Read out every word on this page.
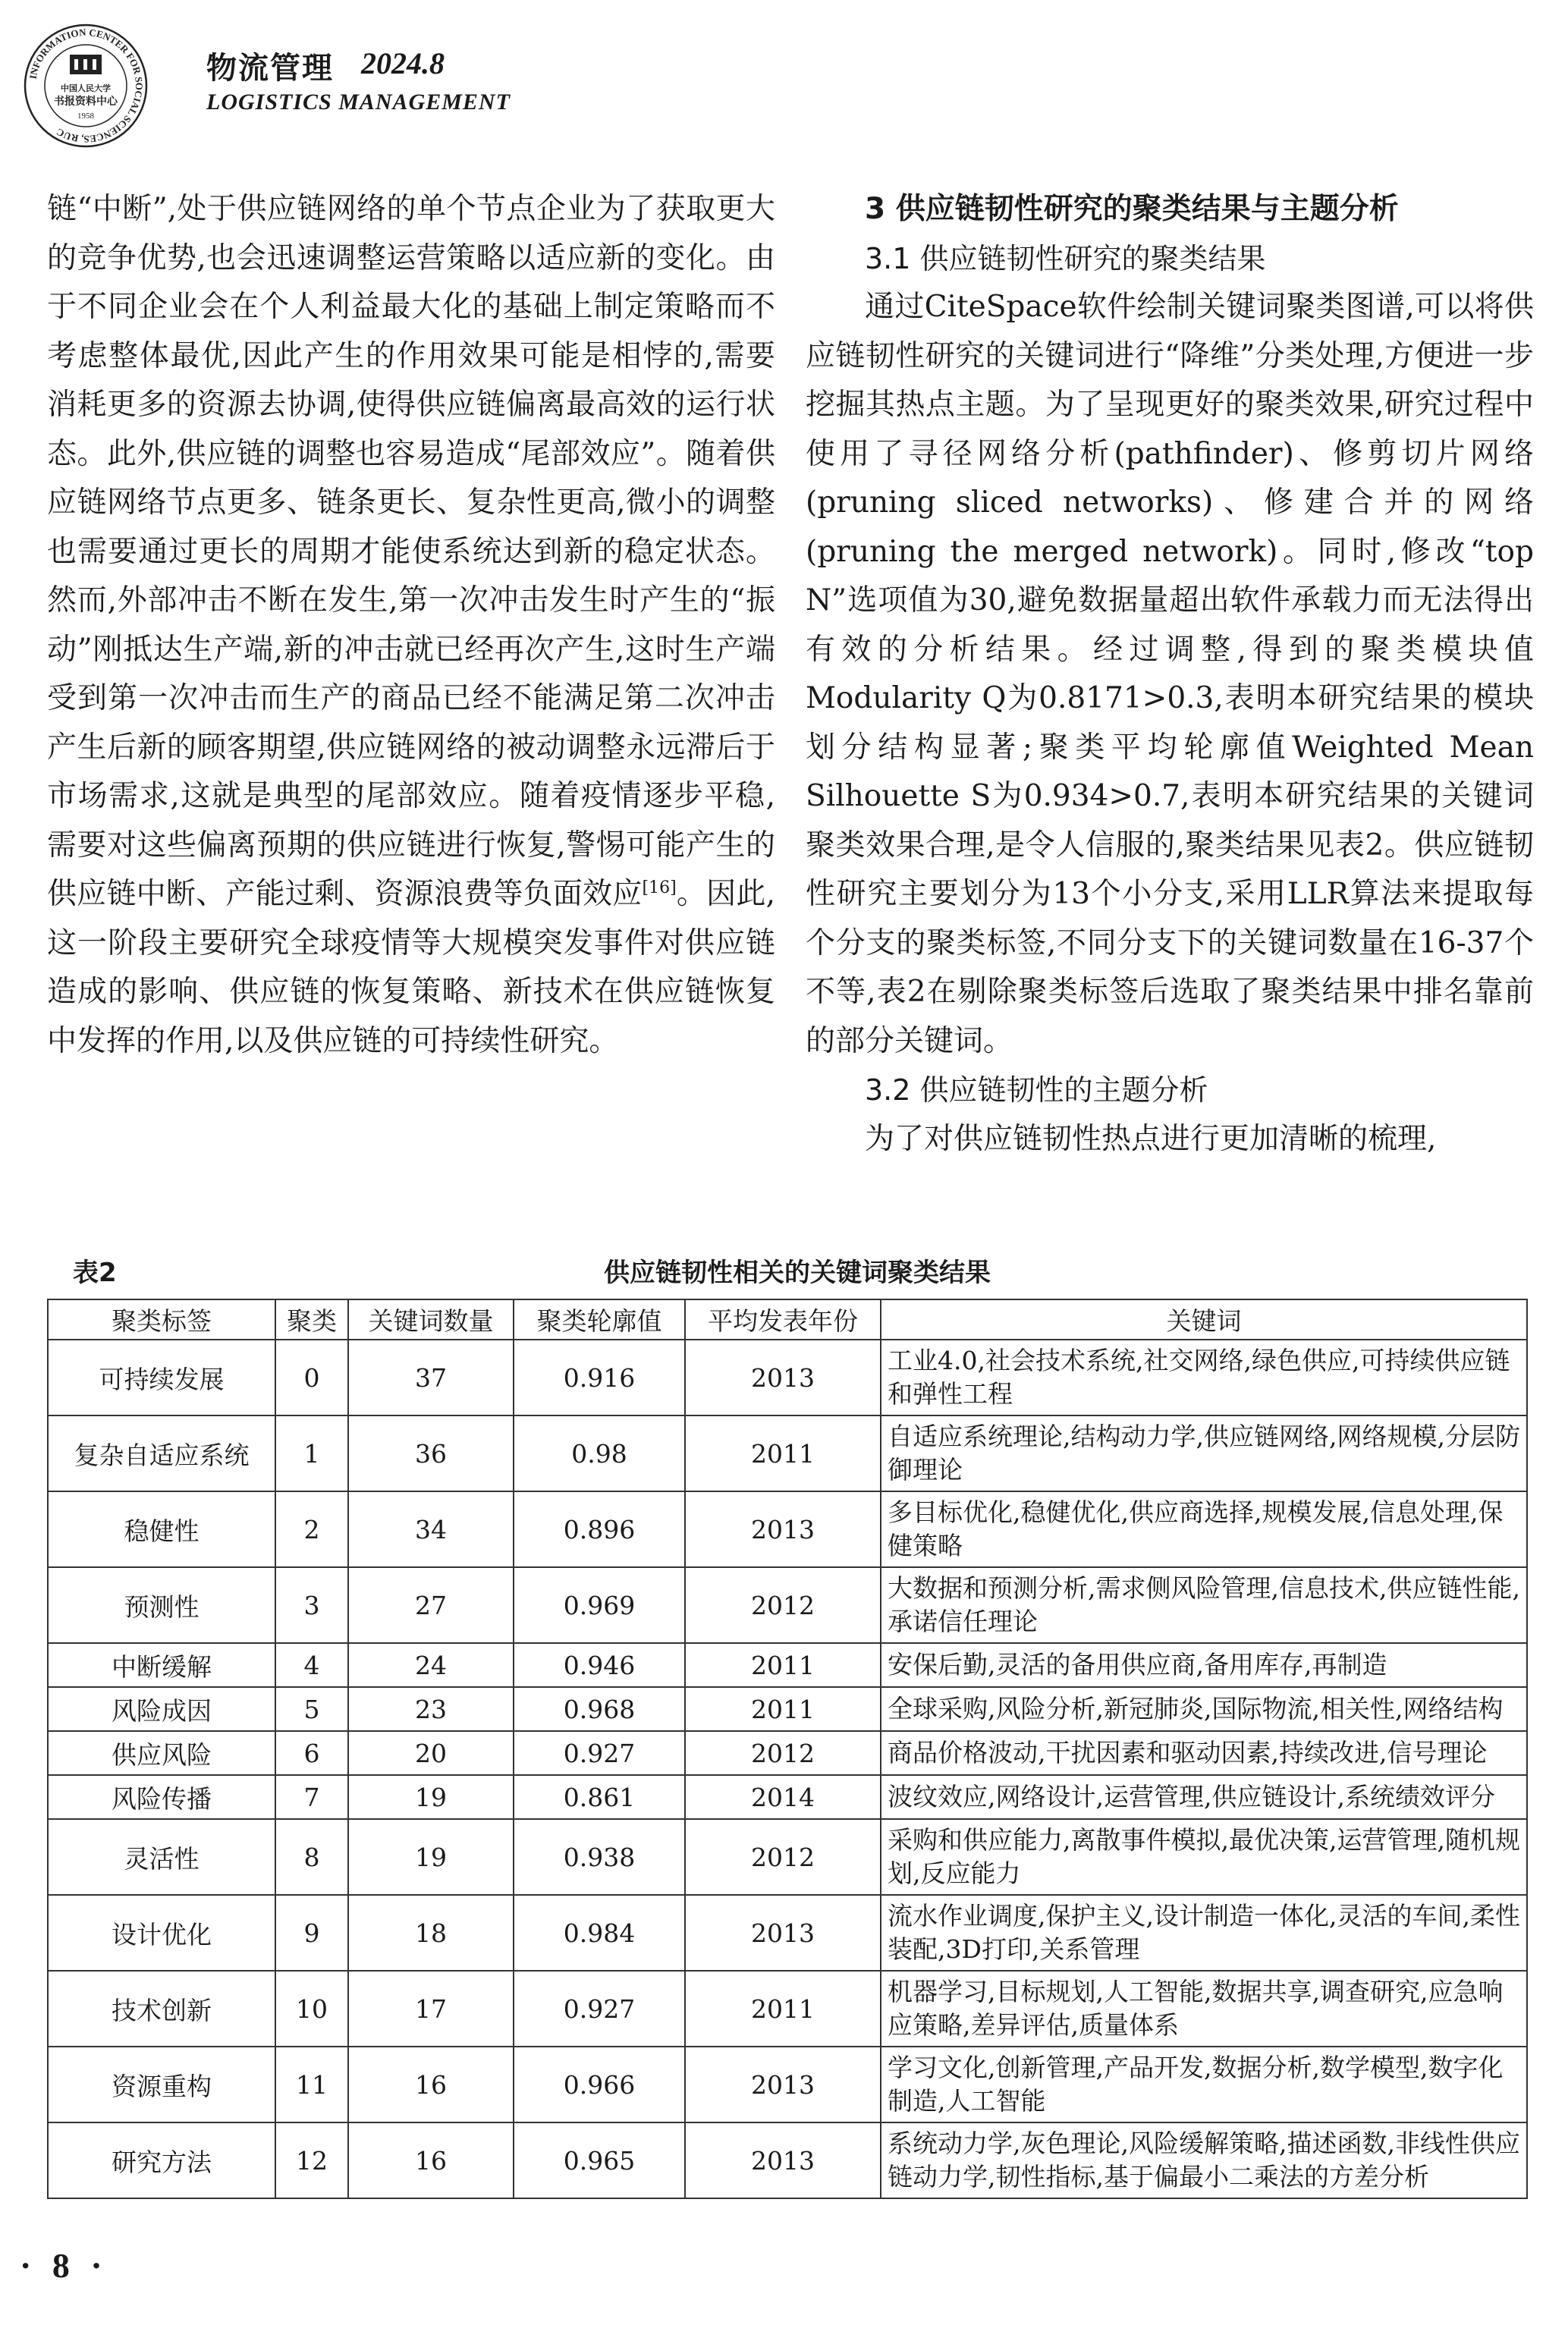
INFORMATION CENTER FOR SOCIAL SCIENCES, RUC
中国人民大学
书报资料中心
1958
物流管理 2024.8
LOGISTICS MANAGEMENT

链“中断”,处于供应链网络的单个节点企业为了获取更大的竞争优势,也会迅速调整运营策略以适应新的变化。由于不同企业会在个人利益最大化的基础上制定策略而不考虑整体最优,因此产生的作用效果可能是相悖的,需要消耗更多的资源去协调,使得供应链偏离最高效的运行状态。此外,供应链的调整也容易造成“尾部效应”。随着供应链网络节点更多、链条更长、复杂性更高,微小的调整也需要通过更长的周期才能使系统达到新的稳定状态。然而,外部冲击不断在发生,第一次冲击发生时产生的“振动”刚抵达生产端,新的冲击就已经再次产生,这时生产端受到第一次冲击而生产的商品已经不能满足第二次冲击产生后新的顾客期望,供应链网络的被动调整永远滞后于市场需求,这就是典型的尾部效应。随着疫情逐步平稳,需要对这些偏离预期的供应链进行恢复,警惕可能产生的供应链中断、产能过剩、资源浪费等负面效应[16]。因此,这一阶段主要研究全球疫情等大规模突发事件对供应链造成的影响、供应链的恢复策略、新技术在供应链恢复中发挥的作用,以及供应链的可持续性研究。

3 供应链韧性研究的聚类结果与主题分析

3.1 供应链韧性研究的聚类结果

通过CiteSpace软件绘制关键词聚类图谱,可以将供应链韧性研究的关键词进行“降维”分类处理,方便进一步挖掘其热点主题。为了呈现更好的聚类效果,研究过程中使用了寻径网络分析(pathfinder)、修剪切片网络(pruning sliced networks)、修建合并的网络(pruning the merged network)。同时,修改“top N”选项值为30,避免数据量超出软件承载力而无法得出有效的分析结果。经过调整,得到的聚类模块值Modularity Q为0.8171>0.3,表明本研究结果的模块划分结构显著;聚类平均轮廓值Weighted Mean Silhouette S为0.934>0.7,表明本研究结果的关键词聚类效果合理,是令人信服的,聚类结果见表2。供应链韧性研究主要划分为13个小分支,采用LLR算法来提取每个分支的聚类标签,不同分支下的关键词数量在16-37个不等,表2在剔除聚类标签后选取了聚类结果中排名靠前的部分关键词。

3.2 供应链韧性的主题分析

为了对供应链韧性热点进行更加清晰的梳理,

供应链韧性相关的关键词聚类结果
表2
聚类标签	聚类	关键词数量	聚类轮廓值	平均发表年份	关键词
可持续发展	0	37	0.916	2013	工业4.0,社会技术系统,社交网络,绿色供应,可持续供应链和弹性工程
复杂自适应系统	1	36	0.98	2011	自适应系统理论,结构动力学,供应链网络,网络规模,分层防御理论
稳健性	2	34	0.896	2013	多目标优化,稳健优化,供应商选择,规模发展,信息处理,保健策略
预测性	3	27	0.969	2012	大数据和预测分析,需求侧风险管理,信息技术,供应链性能,承诺信任理论
中断缓解	4	24	0.946	2011	安保后勤,灵活的备用供应商,备用库存,再制造
风险成因	5	23	0.968	2011	全球采购,风险分析,新冠肺炎,国际物流,相关性,网络结构
供应风险	6	20	0.927	2012	商品价格波动,干扰因素和驱动因素,持续改进,信号理论
风险传播	7	19	0.861	2014	波纹效应,网络设计,运营管理,供应链设计,系统绩效评分
灵活性	8	19	0.938	2012	采购和供应能力,离散事件模拟,最优决策,运营管理,随机规划,反应能力
设计优化	9	18	0.984	2013	流水作业调度,保护主义,设计制造一体化,灵活的车间,柔性装配,3D打印,关系管理
技术创新	10	17	0.927	2011	机器学习,目标规划,人工智能,数据共享,调查研究,应急响应策略,差异评估,质量体系
资源重构	11	16	0.966	2013	学习文化,创新管理,产品开发,数据分析,数学模型,数字化制造,人工智能
研究方法	12	16	0.965	2013	系统动力学,灰色理论,风险缓解策略,描述函数,非线性供应链动力学,韧性指标,基于偏最小二乘法的方差分析
· 8 ·
